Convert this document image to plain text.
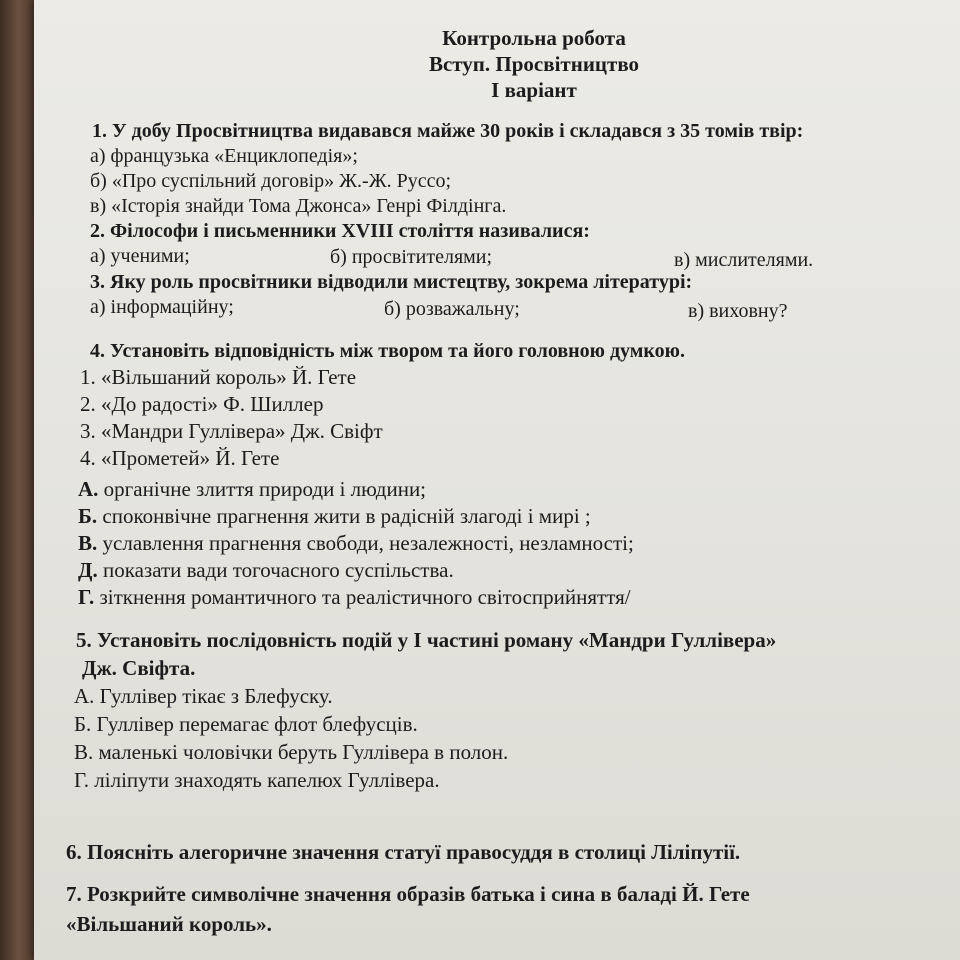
Контрольна робота
Вступ. Просвітництво
І варіант
1. У добу Просвітництва видавався майже 30 років і складався з 35 томів твір:
а) французька «Енциклопедія»;
б) «Про суспільний договір» Ж.-Ж. Руссо;
в) «Історія знайди Тома Джонса» Генрі Філдінга.
2. Філософи і письменники XVIII століття називалися:
а) ученими;	б) просвітителями;	в) мислителями.
3. Яку роль просвітники відводили мистецтву, зокрема літературі:
а) інформаційну;	б) розважальну;	в) виховну?
4. Установіть відповідність між твором та його головною думкою.
1. «Вільшаний король» Й. Гете
2. «До радості» Ф. Шиллер
3. «Мандри Гуллівера» Дж. Свіфт
4. «Прометей» Й. Гете
А. органічне злиття природи і людини;
Б. споконвічне прагнення жити в радісній злагоді і мирі ;
В. уславлення прагнення свободи, незалежності, незламності;
Д. показати вади тогочасного суспільства.
Г. зіткнення романтичного та реалістичного світосприйняття/
5. Установіть послідовність подій у І частині роману «Мандри Гуллівера»
Дж. Свіфта.
А. Гуллівер тікає з Блефуску.
Б. Гуллівер перемагає флот блефусців.
В. маленькі чоловічки беруть Гуллівера в полон.
Г. ліліпути знаходять капелюх Гуллівера.
6. Поясніть алегоричне значення статуї правосуддя в столиці Ліліпутії.
7. Розкрийте символічне значення образів батька і сина в баладі Й. Гете
«Вільшаний король».
